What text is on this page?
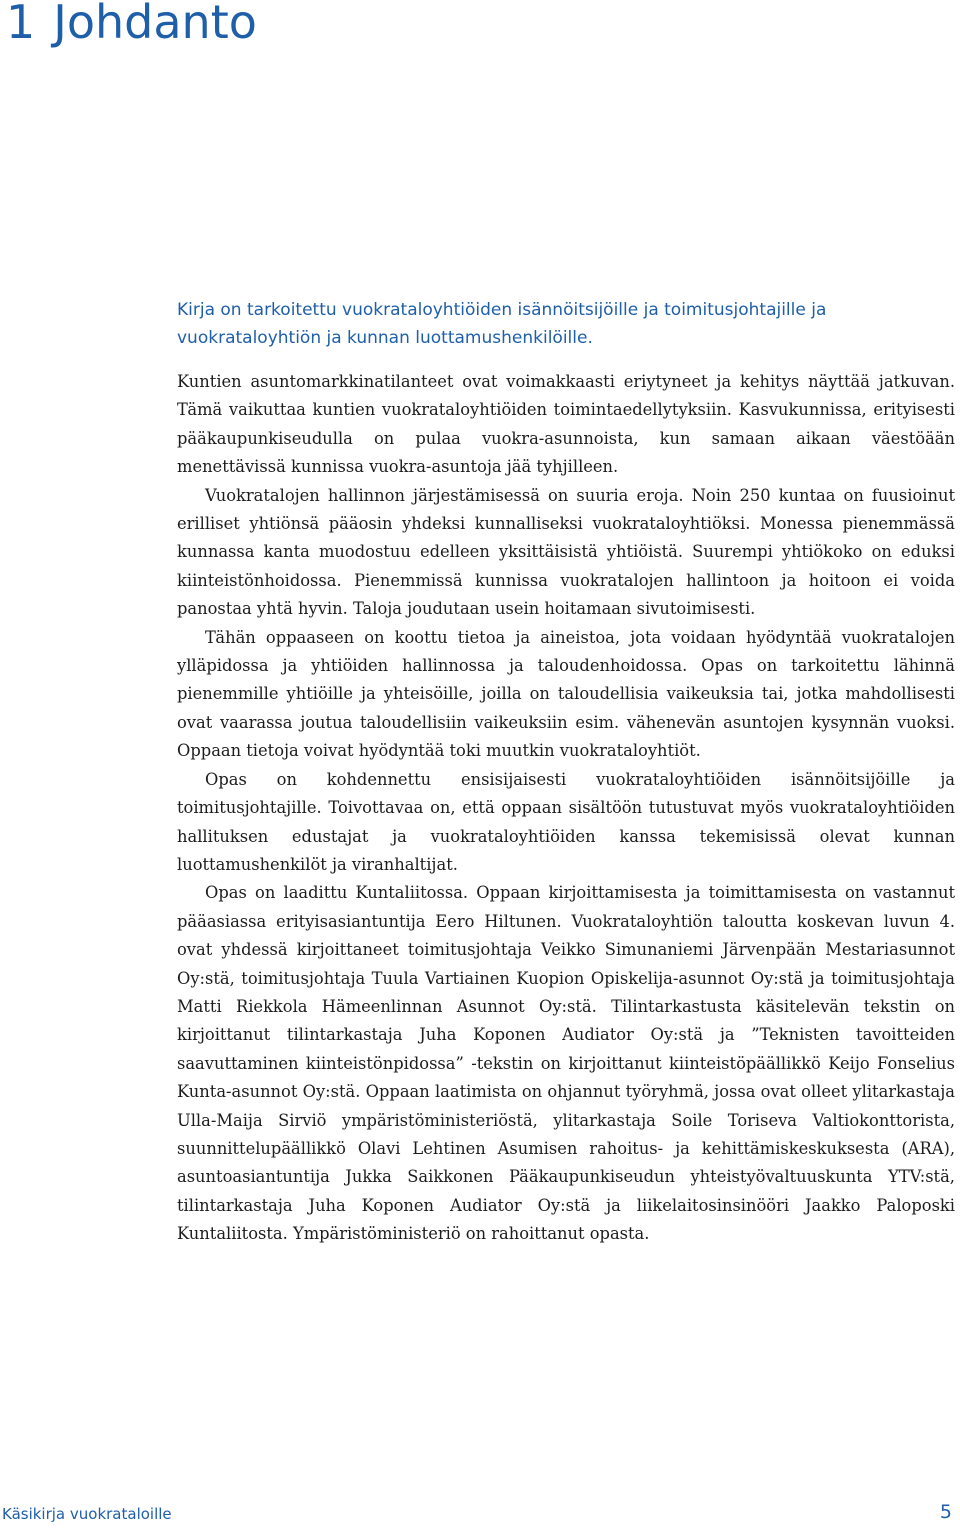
1 Johdanto

Kirja on tarkoitettu vuokrataloyhtiöiden isännöitsijöille ja toimitusjohtajille ja vuokrataloyhtiön ja kunnan luottamushenkilöille.

Kuntien asuntomarkkinatilanteet ovat voimakkaasti eriytyneet ja kehitys näyttää jatkuvan. Tämä vaikuttaa kuntien vuokrataloyhtiöiden toimintaedellytyksiin. Kasvukunnissa, erityisesti pääkaupunkiseudulla on pulaa vuokra-asunnoista, kun samaan aikaan väestöään menettävissä kunnissa vuokra-asuntoja jää tyhjilleen.

Vuokratalojen hallinnon järjestämisessä on suuria eroja. Noin 250 kuntaa on fuusioinut erilliset yhtiönsä pääosin yhdeksi kunnalliseksi vuokrataloyhtiöksi. Monessa pienemmässä kunnassa kanta muodostuu edelleen yksittäisistä yhtiöistä. Suurempi yhtiökoko on eduksi kiinteistönhoidossa. Pienemmissä kunnissa vuokratalojen hallintoon ja hoitoon ei voida panostaa yhtä hyvin. Taloja joudutaan usein hoitamaan sivutoimisesti.

Tähän oppaaseen on koottu tietoa ja aineistoa, jota voidaan hyödyntää vuokratalojen ylläpidossa ja yhtiöiden hallinnossa ja taloudenhoidossa. Opas on tarkoitettu lähinnä pienemmille yhtiöille ja yhteisöille, joilla on taloudellisia vaikeuksia tai, jotka mahdollisesti ovat vaarassa joutua taloudellisiin vaikeuksiin esim. vähenevän asuntojen kysynnän vuoksi. Oppaan tietoja voivat hyödyntää toki muutkin vuokrataloyhtiöt.

Opas on kohdennettu ensisijaisesti vuokrataloyhtiöiden isännöitsijöille ja toimitusjohtajille. Toivottavaa on, että oppaan sisältöön tutustuvat myös vuokrataloyhtiöiden hallituksen edustajat ja vuokrataloyhtiöiden kanssa tekemisissä olevat kunnan luottamushenkilöt ja viranhaltijat.

Opas on laadittu Kuntaliitossa. Oppaan kirjoittamisesta ja toimittamisesta on vastannut pääasiassa erityisasiantuntija Eero Hiltunen. Vuokrataloyhtiön taloutta koskevan luvun 4. ovat yhdessä kirjoittaneet toimitusjohtaja Veikko Simunaniemi Järvenpään Mestariasunnot Oy:stä, toimitusjohtaja Tuula Vartiainen Kuopion Opiskelija-asunnot Oy:stä ja toimitusjohtaja Matti Riekkola Hämeenlinnan Asunnot Oy:stä. Tilintarkastusta käsitelevän tekstin on kirjoittanut tilintarkastaja Juha Koponen Audiator Oy:stä ja ”Teknisten tavoitteiden saavuttaminen kiinteistönpidossa” -tekstin on kirjoittanut kiinteistöpäällikkö Keijo Fonselius Kunta-asunnot Oy:stä. Oppaan laatimista on ohjannut työryhmä, jossa ovat olleet ylitarkastaja Ulla-Maija Sirviö ympäristöministeriöstä, ylitarkastaja Soile Toriseva Valtiokonttorista, suunnittelupäällikkö Olavi Lehtinen Asumisen rahoitus- ja kehittämiskeskuksesta (ARA), asuntoasiantuntija Jukka Saikkonen Pääkaupunkiseudun yhteistyövaltuuskunta YTV:stä, tilintarkastaja Juha Koponen Audiator Oy:stä ja liikelaitosinsinööri Jaakko Paloposki Kuntaliitosta. Ympäristöministeriö on rahoittanut opasta.

Käsikirja vuokrataloille	5
